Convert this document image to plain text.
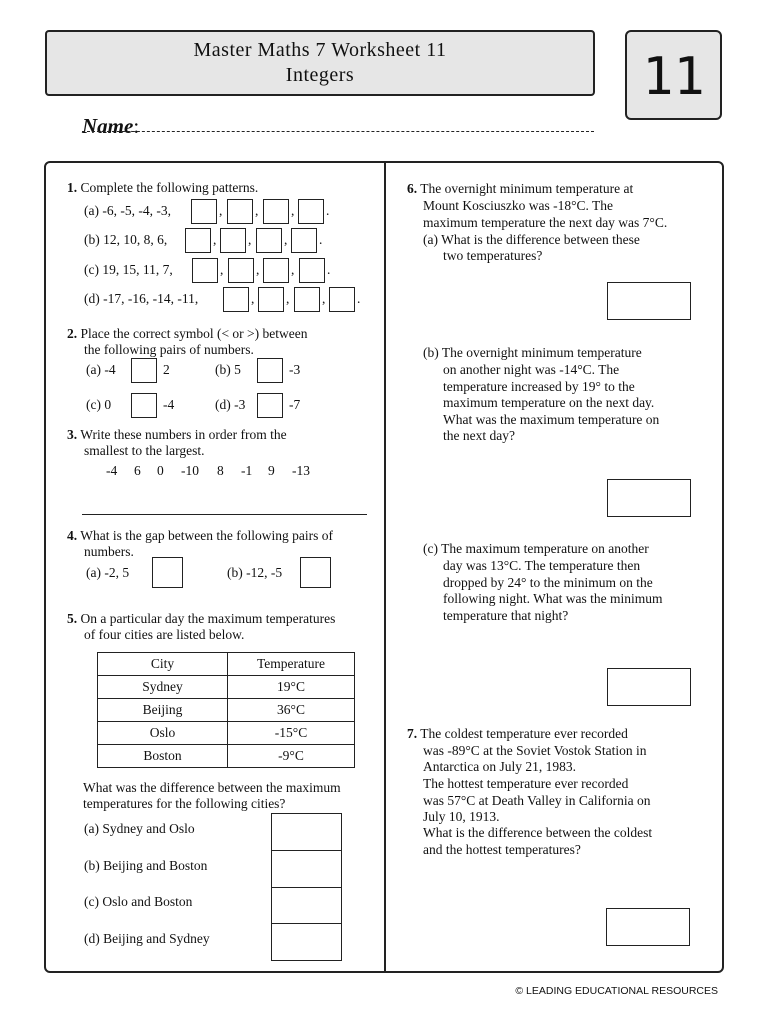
Master Maths 7 Worksheet 11
Integers	11
Name:
1. Complete the following patterns.
(a) -6, -5, -4, -3,	, , , .
(b) 12, 10, 8, 6,	, , , .
(c) 19, 15, 11, 7,	, , , .
(d) -17, -16, -14, -11,	, , , .
2. Place the correct symbol (< or >) between
the following pairs of numbers.
(a) -4	2	(b) 5	-3
(c) 0	-4	(d) -3	-7
3. Write these numbers in order from the
smallest to the largest.
-4 6 0 -10 8 -1 9 -13
4. What is the gap between the following pairs of
numbers.
(a) -2, 5	(b) -12, -5
5. On a particular day the maximum temperatures
of four cities are listed below.
City	Temperature
Sydney	19°C
Beijing	36°C
Oslo	-15°C
Boston	-9°C
What was the difference between the maximum
temperatures for the following cities?
(a) Sydney and Oslo
(b) Beijing and Boston
(c) Oslo and Boston
(d) Beijing and Sydney
6. The overnight minimum temperature at
Mount Kosciuszko was -18°C. The
maximum temperature the next day was 7°C.
(a) What is the difference between these
two temperatures?
(b) The overnight minimum temperature
on another night was -14°C. The
temperature increased by 19° to the
maximum temperature on the next day.
What was the maximum temperature on
the next day?
(c) The maximum temperature on another
day was 13°C. The temperature then
dropped by 24° to the minimum on the
following night. What was the minimum
temperature that night?
7. The coldest temperature ever recorded
was -89°C at the Soviet Vostok Station in
Antarctica on July 21, 1983.
The hottest temperature ever recorded
was 57°C at Death Valley in California on
July 10, 1913.
What is the difference between the coldest
and the hottest temperatures?
© LEADING EDUCATIONAL RESOURCES
